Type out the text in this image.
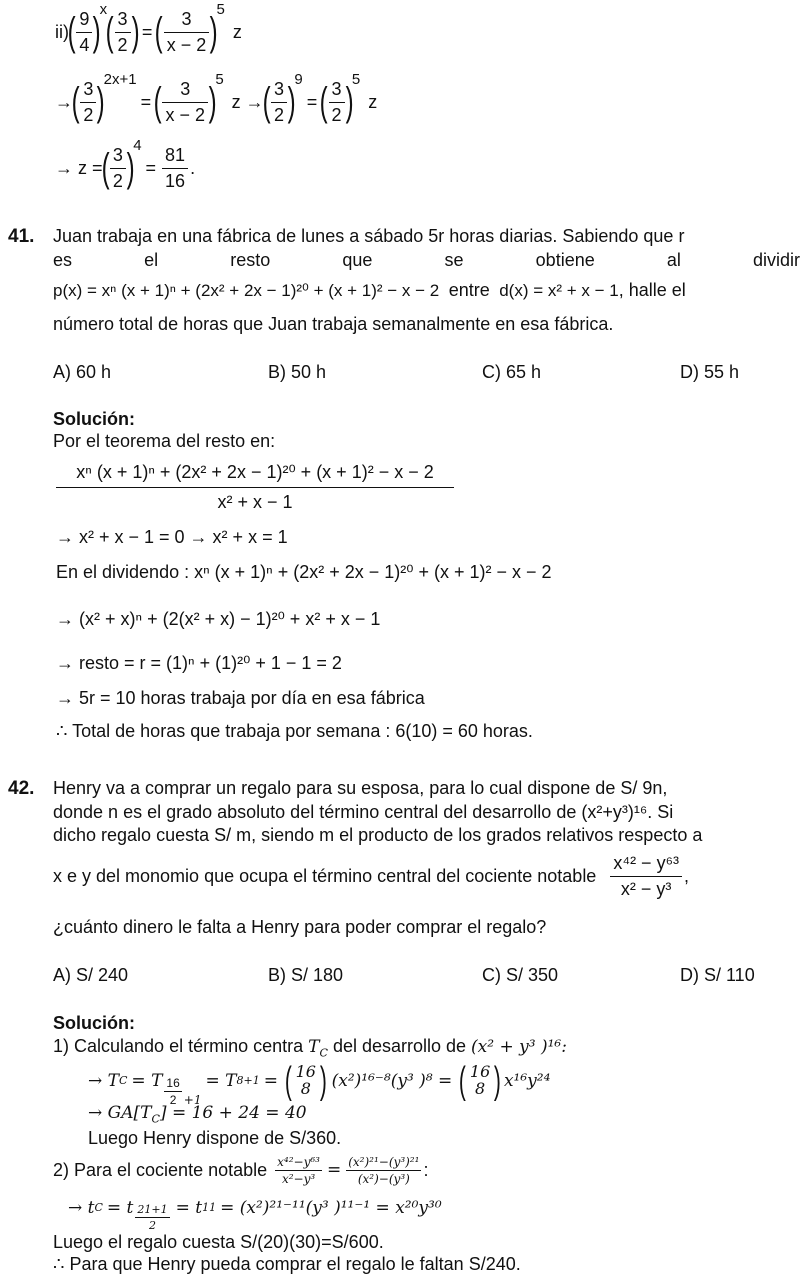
ii)
( $\frac{9}{4}$ )
$^x$
( $\frac{3}{2}$ ) = ( $\frac{3}{x - 2}$ )
$^5$
z
→
( $\frac{3}{2}$ )
$^{2x+1}$
= ( $\frac{3}{x - 2}$ )
$^5$
z →
( $\frac{3}{2}$ )
$^9$
= ( $\frac{3}{2}$ )
$^5$
z
→ z =
( $\frac{3}{2}$ )
$^4$
= $\frac{81}{16}$ .
41. Juan trabaja en una fábrica de lunes a sábado 5r horas diarias. Sabiendo que r
es	el	resto	que	se	obtiene	al	dividir
p(x) = xⁿ (x + 1)ⁿ + (2x² + 2x − 1)²⁰ + (x + 1)² − x − 2 entre d(x) = x² + x − 1, halle el
número total de horas que Juan trabaja semanalmente en esa fábrica.
A) 60 h	B) 50 h	C) 65 h	D) 55 h
Solución:
Por el teorema del resto en:
$\frac{\text{xⁿ (x + 1)ⁿ + (2x² + 2x − 1)²⁰ + (x + 1)² − x − 2}}{\text{x² + x − 1}}$
→ x² + x − 1 = 0 → x² + x = 1
En el dividendo : xⁿ (x + 1)ⁿ + (2x² + 2x − 1)²⁰ + (x + 1)² − x − 2
→ (x² + x)ⁿ + (2(x² + x) − 1)²⁰ + x² + x − 1
→ resto = r = (1)ⁿ + (1)²⁰ + 1 − 1 = 2
→ 5r = 10 horas trabaja por día en esa fábrica
∴ Total de horas que trabaja por semana : 6(10) = 60 horas.
42. Henry va a comprar un regalo para su esposa, para lo cual dispone de S/ 9n,
donde n es el grado absoluto del término central del desarrollo de (x²+y³)¹⁶. Si
dicho regalo cuesta S/ m, siendo m el producto de los grados relativos respecto a
x e y del monomio que ocupa el término central del cociente notable $\frac{\text{x⁴² − y⁶³}}{\text{x² − y³}}$ ,
¿cuánto dinero le falta a Henry para poder comprar el regalo?
A) S/ 240	B) S/ 180	C) S/ 350	D) S/ 110
Solución:
1) Calculando el término centra $T_C$ del desarrollo de (x² + y³ )¹⁶:
→ T C = T 16
2 +1
= T 8+1 = ( 16
8 ) (x²)¹⁶⁻⁸(y³ )⁸ = ( 16
8 ) x¹⁶y²⁴
→ $GA[T_C] = 16 + 24 = 40$
Luego Henry dispone de S/360.
2) Para el cociente notable $\frac{\text{x⁴²−y⁶³}}{\text{x²−y³}} = \frac{\text{(x²)²¹−(y³)²¹}}{\text{(x²)−(y³)}}$ :
→ t C = t $\frac{21+1}{2} = t$ 11 = (x²)²¹⁻¹¹(y³ )¹¹⁻¹ = x²⁰y³⁰
Luego el regalo cuesta S/(20)(30)=S/600.
∴ Para que Henry pueda comprar el regalo le faltan S/240.
